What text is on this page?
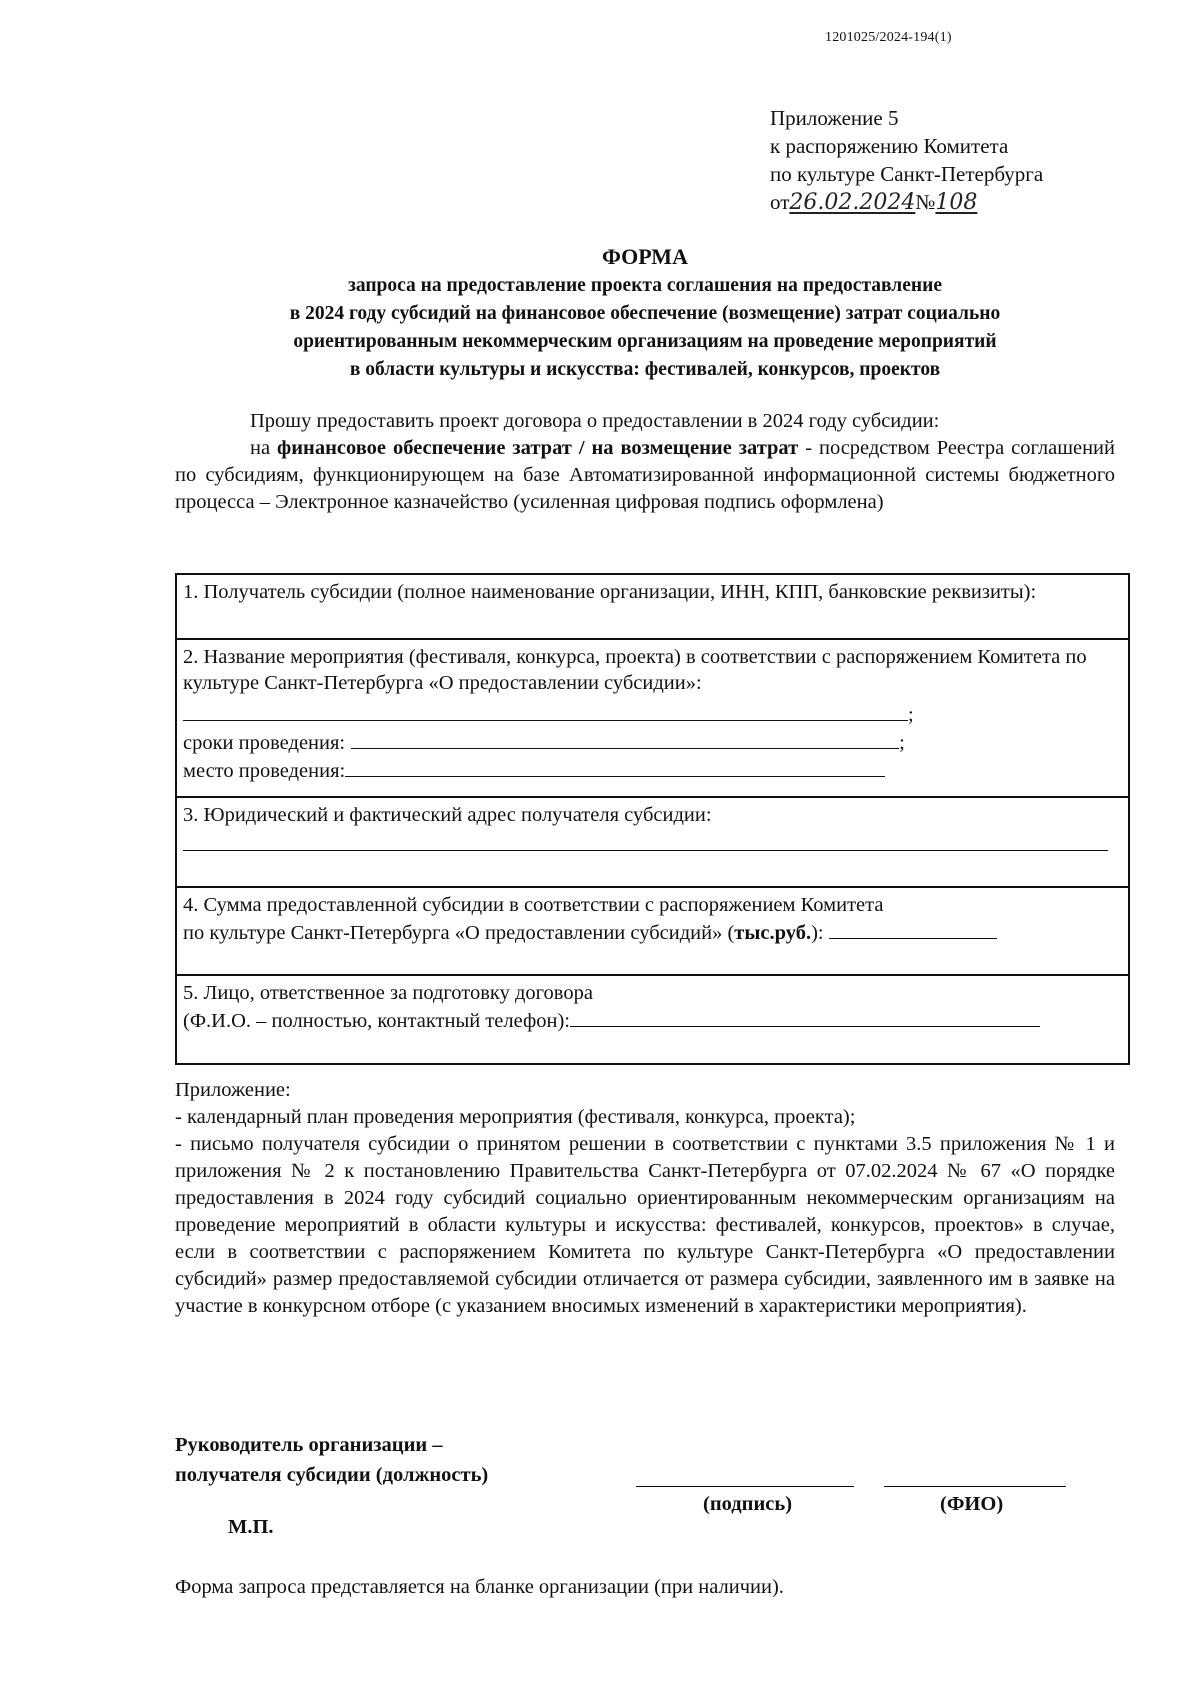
1201025/2024-194(1)
Приложение 5
к распоряжению Комитета
по культуре Санкт-Петербурга
от26.02.2024№108
ФОРМА
запроса на предоставление проекта соглашения на предоставление
в 2024 году субсидий на финансовое обеспечение (возмещение) затрат социально
ориентированным некоммерческим организациям на проведение мероприятий
в области культуры и искусства: фестивалей, конкурсов, проектов
Прошу предоставить проект договора о предоставлении в 2024 году субсидии:
на финансовое обеспечение затрат / на возмещение затрат - посредством Реестра соглашений по субсидиям, функционирующем на базе Автоматизированной информационной системы бюджетного процесса – Электронное казначейство (усиленная цифровая подпись оформлена)
1. Получатель субсидии (полное наименование организации, ИНН, КПП, банковские реквизиты):
2. Название мероприятия (фестиваля, конкурса, проекта) в соответствии с распоряжением Комитета по культуре Санкт-Петербурга «О предоставлении субсидии»:
;
сроки проведения:	;
место проведения:
3. Юридический и фактический адрес получателя субсидии:
4. Сумма предоставленной субсидии в соответствии с распоряжением Комитета
по культуре Санкт-Петербурга «О предоставлении субсидий» (тыс.руб.):
5. Лицо, ответственное за подготовку договора
(Ф.И.О. – полностью, контактный телефон):
Приложение:
- календарный план проведения мероприятия (фестиваля, конкурса, проекта);
- письмо получателя субсидии о принятом решении в соответствии с пунктами 3.5 приложения № 1 и приложения № 2 к постановлению Правительства Санкт-Петербурга от 07.02.2024 № 67 «О порядке предоставления в 2024 году субсидий социально ориентированным некоммерческим организациям на проведение мероприятий в области культуры и искусства: фестивалей, конкурсов, проектов» в случае, если в соответствии с распоряжением Комитета по культуре Санкт-Петербурга «О предоставлении субсидий» размер предоставляемой субсидии отличается от размера субсидии, заявленного им в заявке на участие в конкурсном отборе (с указанием вносимых изменений в характеристики мероприятия).
Руководитель организации –
получателя субсидии (должность)
(подпись)	(ФИО)
М.П.
Форма запроса представляется на бланке организации (при наличии).
